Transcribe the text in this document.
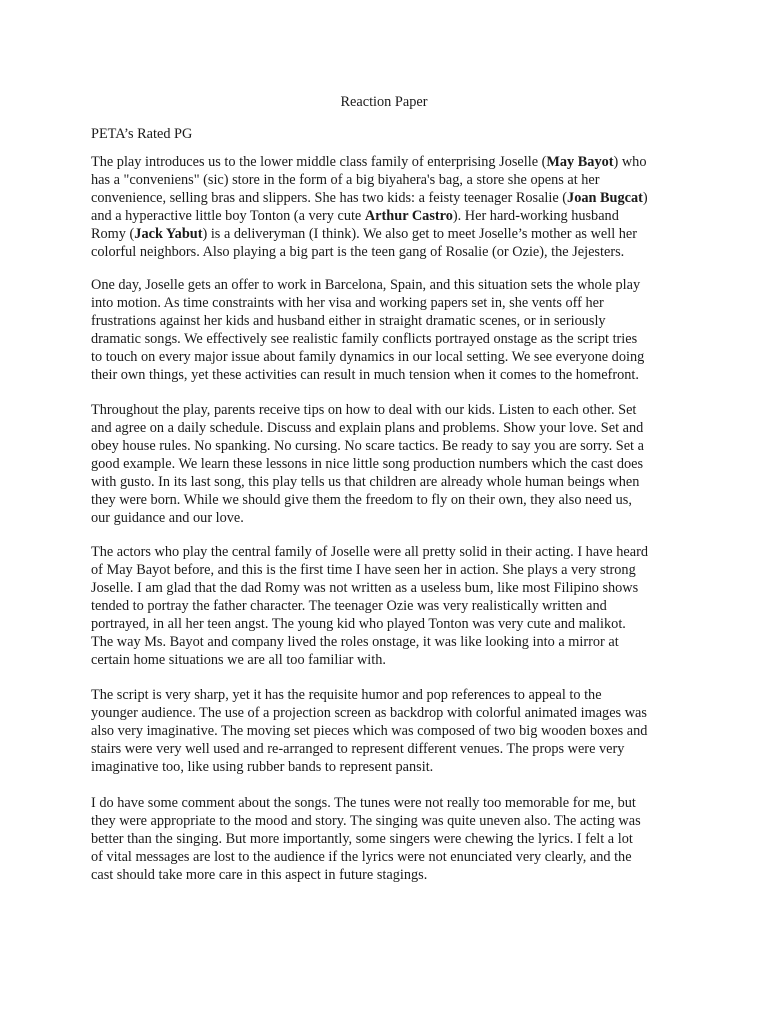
Reaction Paper
PETA’s Rated PG
The play introduces us to the lower middle class family of enterprising Joselle (May Bayot) who
has a "conveniens" (sic) store in the form of a big biyahera's bag, a store she opens at her
convenience, selling bras and slippers. She has two kids: a feisty teenager Rosalie (Joan Bugcat)
and a hyperactive little boy Tonton (a very cute Arthur Castro). Her hard-working husband
Romy (Jack Yabut) is a deliveryman (I think). We also get to meet Joselle’s mother as well her
colorful neighbors. Also playing a big part is the teen gang of Rosalie (or Ozie), the Jejesters.
One day, Joselle gets an offer to work in Barcelona, Spain, and this situation sets the whole play
into motion. As time constraints with her visa and working papers set in, she vents off her
frustrations against her kids and husband either in straight dramatic scenes, or in seriously
dramatic songs. We effectively see realistic family conflicts portrayed onstage as the script tries
to touch on every major issue about family dynamics in our local setting. We see everyone doing
their own things, yet these activities can result in much tension when it comes to the homefront.
Throughout the play, parents receive tips on how to deal with our kids. Listen to each other. Set
and agree on a daily schedule. Discuss and explain plans and problems. Show your love. Set and
obey house rules. No spanking. No cursing. No scare tactics. Be ready to say you are sorry. Set a
good example. We learn these lessons in nice little song production numbers which the cast does
with gusto. In its last song, this play tells us that children are already whole human beings when
they were born. While we should give them the freedom to fly on their own, they also need us,
our guidance and our love.
The actors who play the central family of Joselle were all pretty solid in their acting. I have heard
of May Bayot before, and this is the first time I have seen her in action. She plays a very strong
Joselle. I am glad that the dad Romy was not written as a useless bum, like most Filipino shows
tended to portray the father character. The teenager Ozie was very realistically written and
portrayed, in all her teen angst. The young kid who played Tonton was very cute and malikot.
The way Ms. Bayot and company lived the roles onstage, it was like looking into a mirror at
certain home situations we are all too familiar with.
The script is very sharp, yet it has the requisite humor and pop references to appeal to the
younger audience. The use of a projection screen as backdrop with colorful animated images was
also very imaginative. The moving set pieces which was composed of two big wooden boxes and
stairs were very well used and re-arranged to represent different venues. The props were very
imaginative too, like using rubber bands to represent pansit.
I do have some comment about the songs. The tunes were not really too memorable for me, but
they were appropriate to the mood and story. The singing was quite uneven also. The acting was
better than the singing. But more importantly, some singers were chewing the lyrics. I felt a lot
of vital messages are lost to the audience if the lyrics were not enunciated very clearly, and the
cast should take more care in this aspect in future stagings.
